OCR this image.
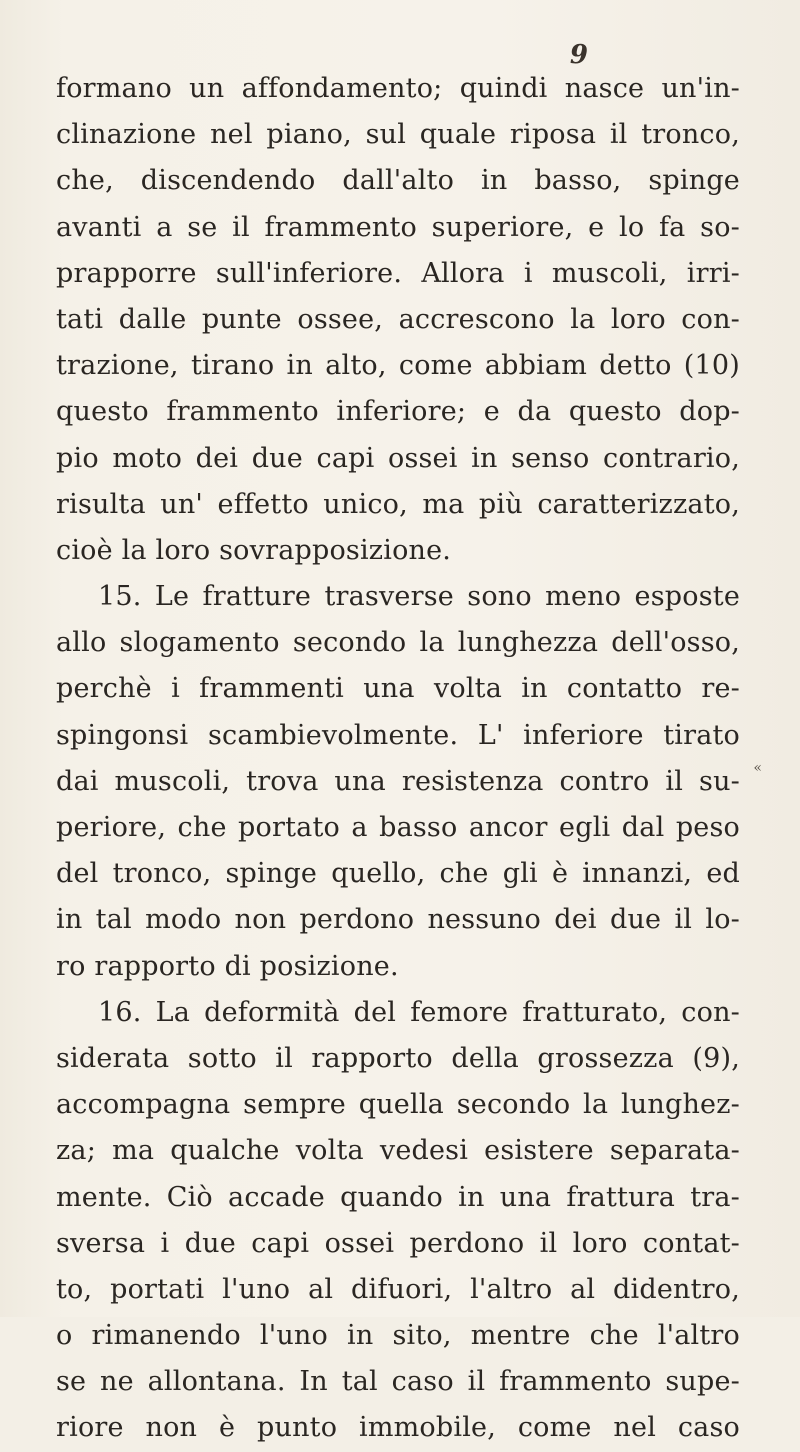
9
formano un affondamento; quindi nasce un'in-
clinazione nel piano, sul quale riposa il tronco,
che, discendendo dall'alto in basso, spinge
avanti a se il frammento superiore, e lo fa so-
prapporre sull'inferiore. Allora i muscoli, irri-
tati dalle punte ossee, accrescono la loro con-
trazione, tirano in alto, come abbiam detto (10)
questo frammento inferiore; e da questo dop-
pio moto dei due capi ossei in senso contrario,
risulta un' effetto unico, ma più caratterizzato,
cioè la loro sovrapposizione.
15. Le fratture trasverse sono meno esposte
allo slogamento secondo la lunghezza dell'osso,
perchè i frammenti una volta in contatto re-
spingonsi scambievolmente. L' inferiore tirato
dai muscoli, trova una resistenza contro il su-
periore, che portato a basso ancor egli dal peso
del tronco, spinge quello, che gli è innanzi, ed
in tal modo non perdono nessuno dei due il lo-
ro rapporto di posizione.
16. La deformità del femore fratturato, con-
siderata sotto il rapporto della grossezza (9),
accompagna sempre quella secondo la lunghez-
za; ma qualche volta vedesi esistere separata-
mente. Ciò accade quando in una frattura tra-
sversa i due capi ossei perdono il loro contat-
to, portati l'uno al difuori, l'altro al didentro,
o rimanendo l'uno in sito, mentre che l'altro
se ne allontana. In tal caso il frammento supe-
riore non è punto immobile, come nel caso
«
